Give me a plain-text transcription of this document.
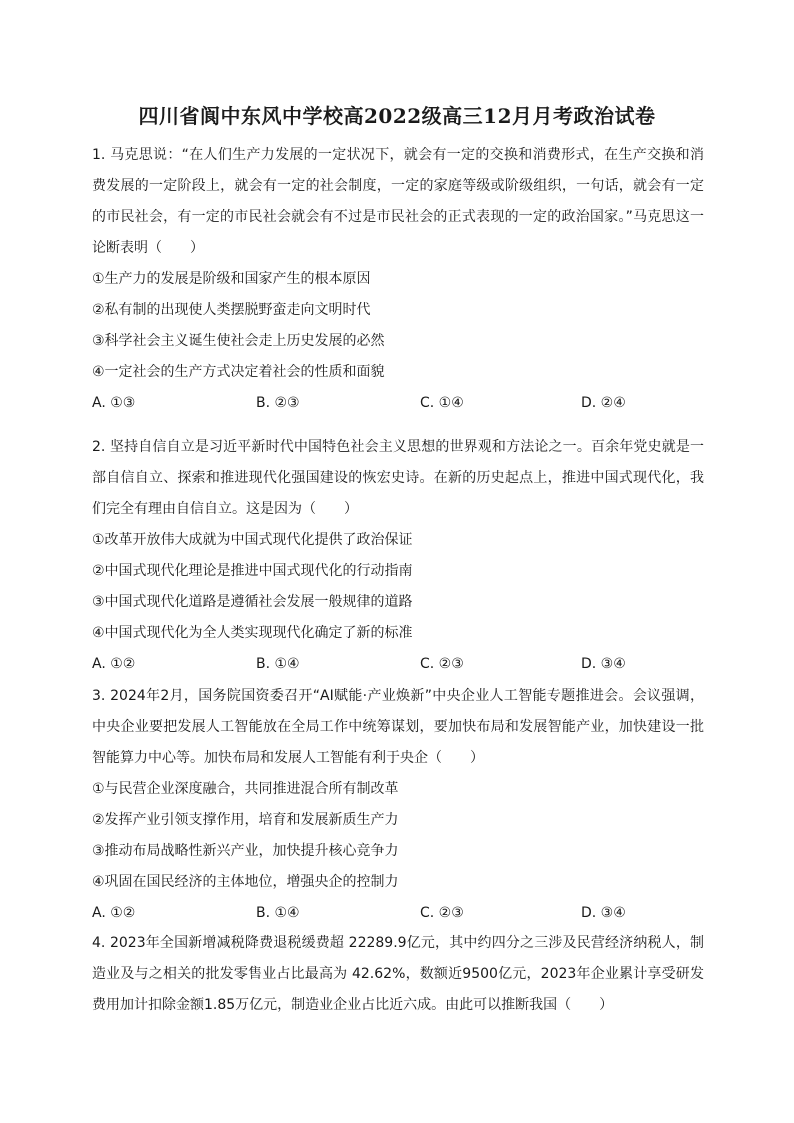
四川省阆中东风中学校高2022级高三12月月考政治试卷

1. 马克思说：“在人们生产力发展的一定状况下，就会有一定的交换和消费形式，在生产交换和消费发展的一定阶段上，就会有一定的社会制度，一定的家庭等级或阶级组织，一句话，就会有一定的市民社会，有一定的市民社会就会有不过是市民社会的正式表现的一定的政治国家。”马克思这一论断表明（　　）

①生产力的发展是阶级和国家产生的根本原因

②私有制的出现使人类摆脱野蛮走向文明时代

③科学社会主义诞生使社会走上历史发展的必然

④一定社会的生产方式决定着社会的性质和面貌

A. ①③	B. ②③	C. ①④	D. ②④

2. 坚持自信自立是习近平新时代中国特色社会主义思想的世界观和方法论之一。百余年党史就是一部自信自立、探索和推进现代化强国建设的恢宏史诗。在新的历史起点上，推进中国式现代化，我们完全有理由自信自立。这是因为（　　）

①改革开放伟大成就为中国式现代化提供了政治保证

②中国式现代化理论是推进中国式现代化的行动指南

③中国式现代化道路是遵循社会发展一般规律的道路

④中国式现代化为全人类实现现代化确定了新的标准

A. ①②	B. ①④	C. ②③	D. ③④

3. 2024年2月，国务院国资委召开“AI赋能·产业焕新”中央企业人工智能专题推进会。会议强调，中央企业要把发展人工智能放在全局工作中统筹谋划，要加快布局和发展智能产业，加快建设一批智能算力中心等。加快布局和发展人工智能有利于央企（　　）

①与民营企业深度融合，共同推进混合所有制改革

②发挥产业引领支撑作用，培育和发展新质生产力

③推动布局战略性新兴产业，加快提升核心竞争力

④巩固在国民经济的主体地位，增强央企的控制力

A. ①②	B. ①④	C. ②③	D. ③④

4. 2023年全国新增减税降费退税缓费超 22289.9亿元，其中约四分之三涉及民营经济纳税人，制造业及与之相关的批发零售业占比最高为 42.62%，数额近9500亿元，2023年企业累计享受研发费用加计扣除金额1.85万亿元，制造业企业占比近六成。由此可以推断我国（　　）
